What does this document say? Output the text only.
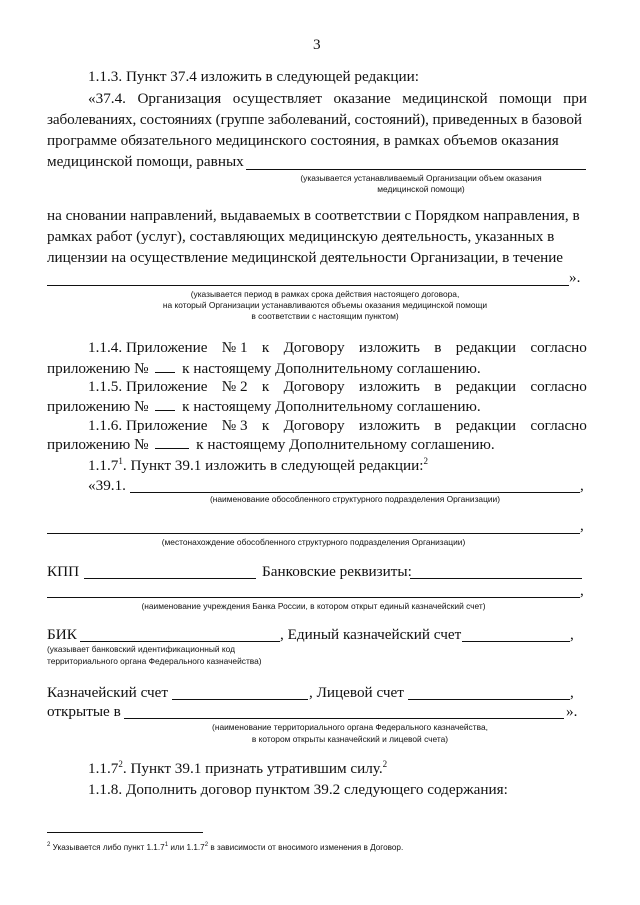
3
1.1.3. Пункт 37.4 изложить в следующей редакции:
«37.4. Организация осуществляет оказание медицинской помощи при
заболеваниях, состояниях (группе заболеваний, состояний), приведенных в базовой
программе обязательного медицинского состояния, в рамках объемов оказания
медицинской помощи, равных
(указывается устанавливаемый Организации объем оказания
медицинской помощи)
на сновании направлений, выдаваемых в соответствии с Порядком направления, в
рамках работ (услуг), составляющих медицинскую деятельность, указанных в
лицензии на осуществление медицинской деятельности Организации, в течение
».
(указывается период в рамках срока действия настоящего договора,
на который Организации устанавливаются объемы оказания медицинской помощи
в соответствии с настоящим пунктом)
1.1.4. Приложение № 1 к Договору изложить в редакции согласно
приложению № к настоящему Дополнительному соглашению.
1.1.5. Приложение № 2 к Договору изложить в редакции согласно
приложению № к настоящему Дополнительному соглашению.
1.1.6. Приложение № 3 к Договору изложить в редакции согласно
приложению №	к настоящему Дополнительному соглашению.
1.1.7$^1$. Пункт 39.1 изложить в следующей редакции:$^2$
«39.1.	,
(наименование обособленного структурного подразделения Организации)
,
(местонахождение обособленного структурного подразделения Организации)
КПП	Банковские реквизиты:
,
(наименование учреждения Банка России, в котором открыт единый казначейский счет)
БИК	, Единый казначейский счет	,
(указывает банковский идентификационный код
территориального органа Федерального казначейства)
Казначейский счет	, Лицевой счет	,
открытые в	».
(наименование территориального органа Федерального казначейства,
в котором открыты казначейский и лицевой счета)
1.1.7$^2$. Пункт 39.1 признать утратившим силу.$^2$
1.1.8. Дополнить договор пунктом 39.2 следующего содержания:
$^2$ Указывается либо пункт 1.1.7$^1$ или 1.1.7$^2$ в зависимости от вносимого изменения в Договор.
